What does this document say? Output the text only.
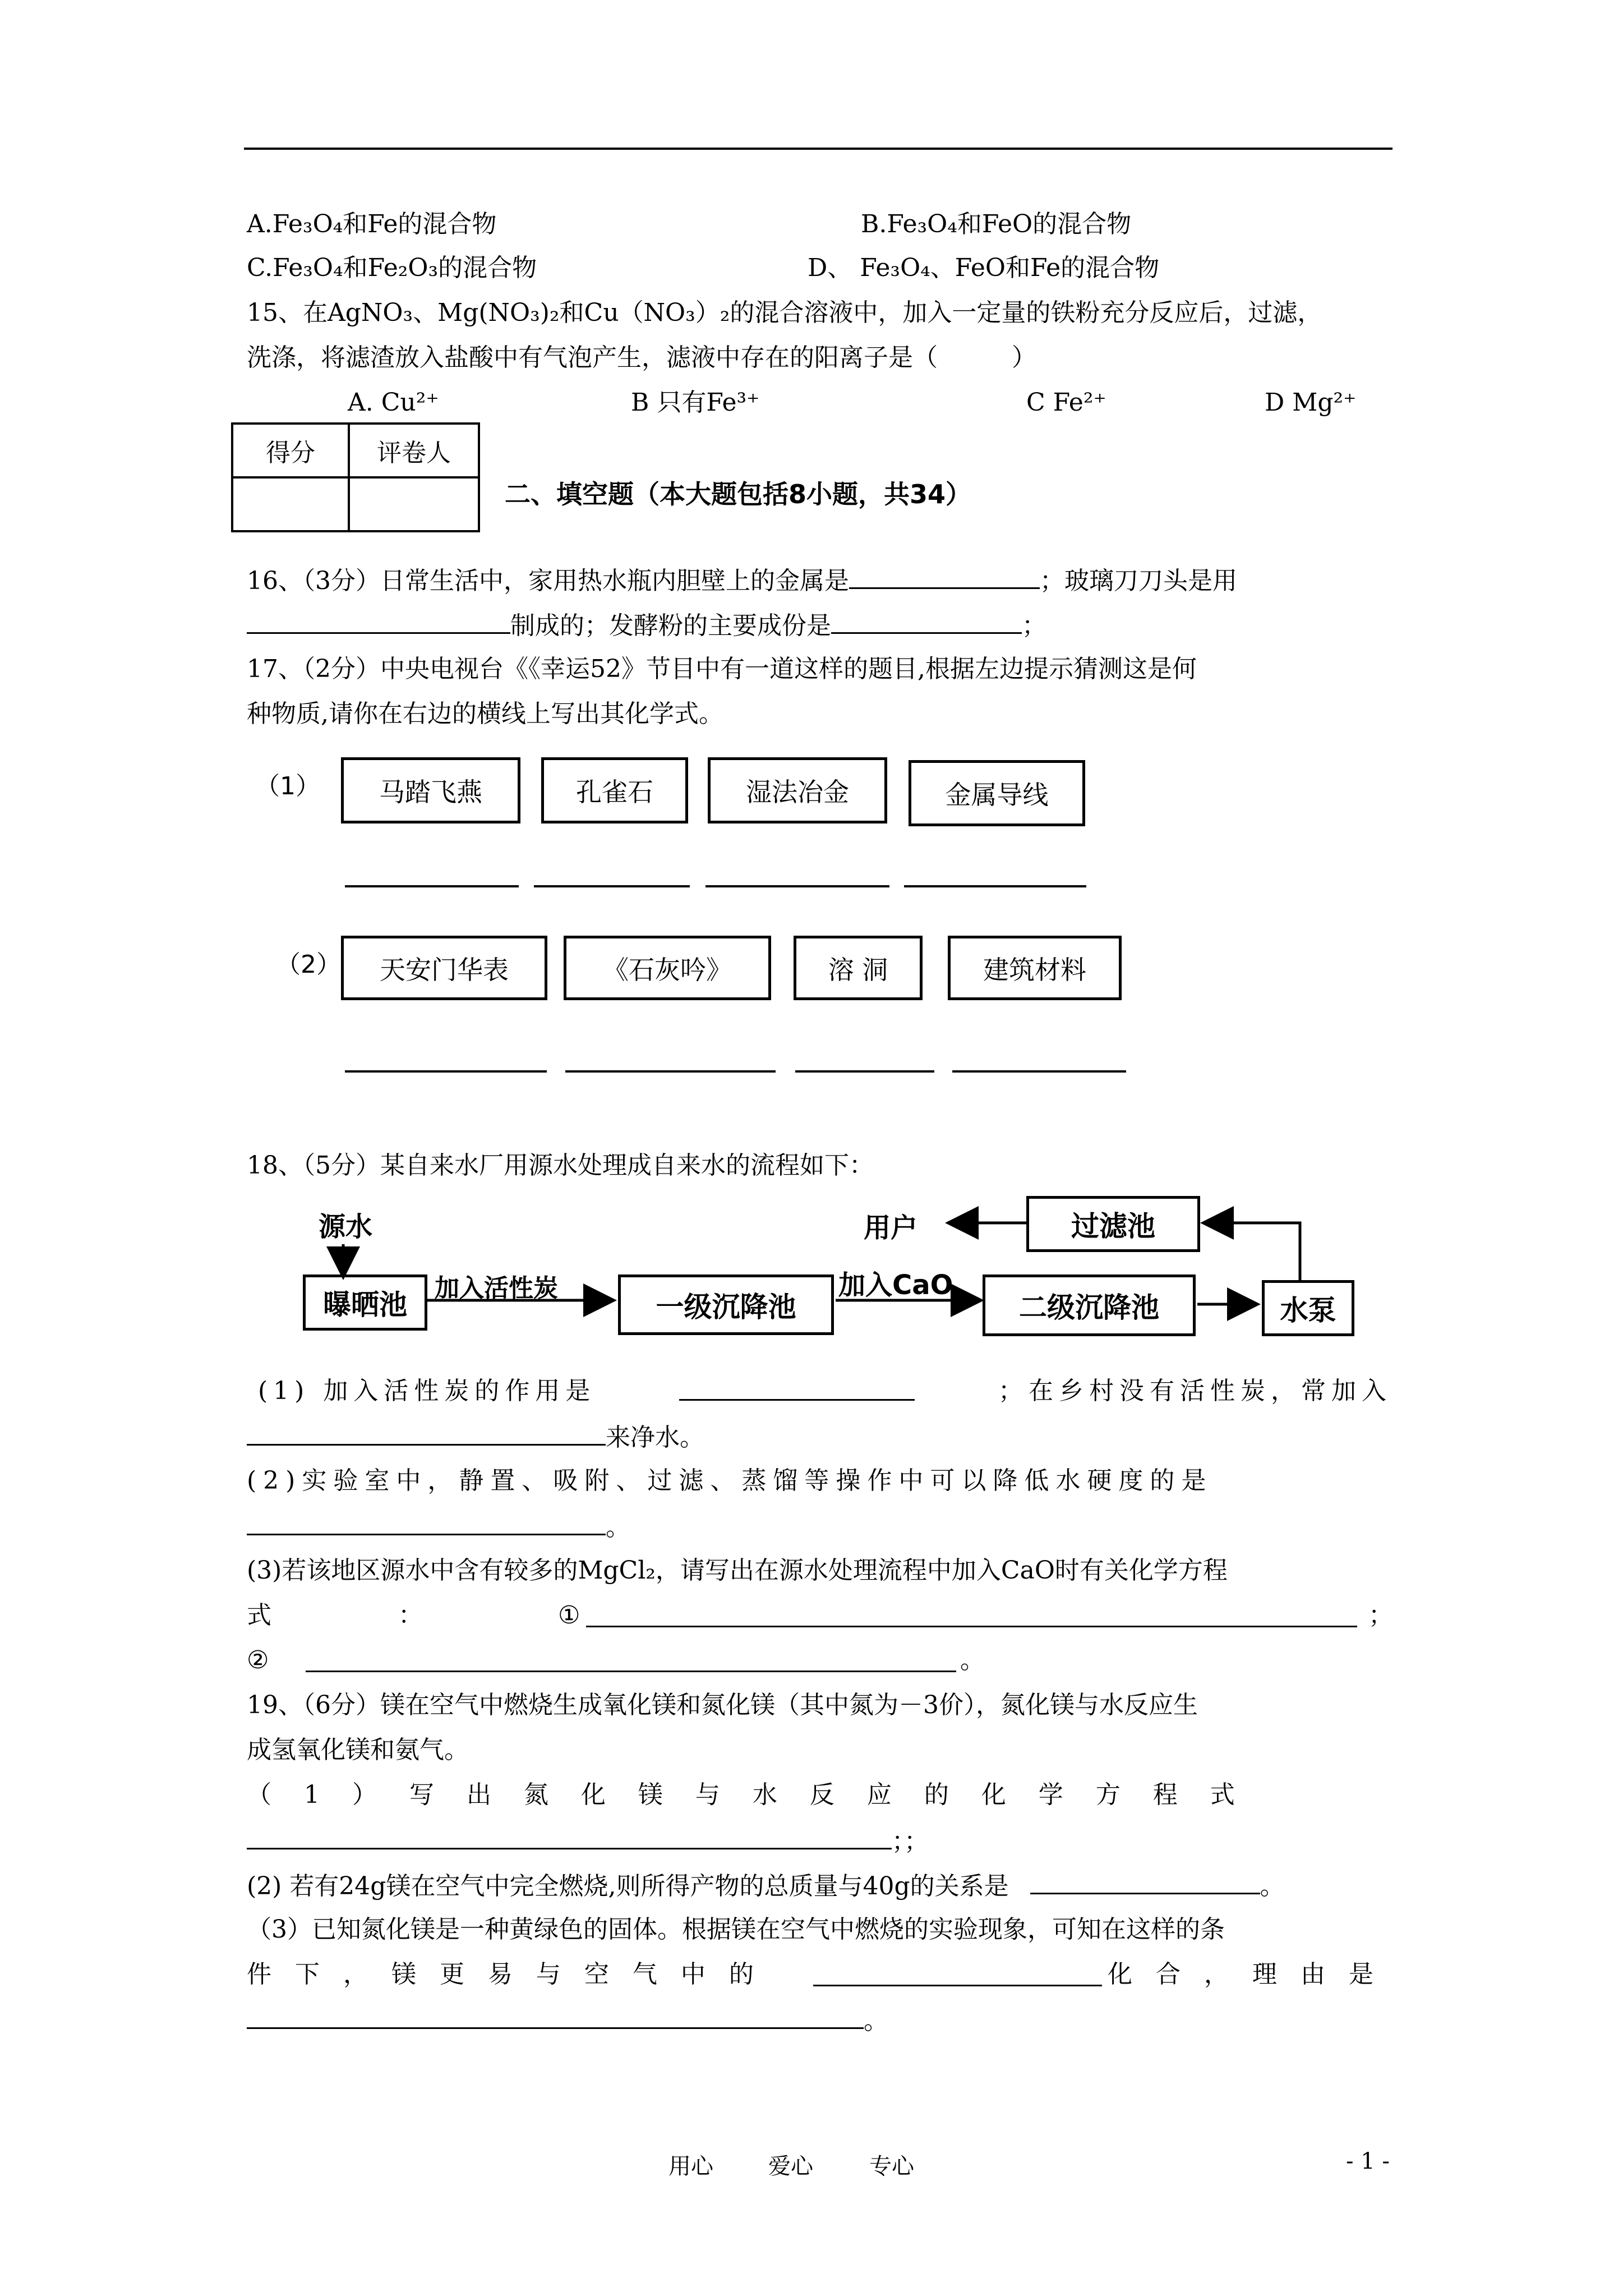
A.Fe₃O₄和Fe的混合物	B.Fe₃O₄和FeO的混合物
C.Fe₃O₄和Fe₂O₃的混合物	D、 Fe₃O₄、FeO和Fe的混合物
15、在AgNO₃、Mg(NO₃)₂和Cu（NO₃）₂的混合溶液中，加入一定量的铁粉充分反应后，过滤，
洗涤，将滤渣放入盐酸中有气泡产生，滤液中存在的阳离子是（　　　）
A. Cu²⁺	B 只有Fe³⁺	C Fe²⁺	D Mg²⁺
得分	评卷人

二、填空题（本大题包括8小题，共34）
16、（3分）日常生活中，家用热水瓶内胆壁上的金属是	；玻璃刀刀头是用
制成的；发酵粉的主要成份是	；
17、（2分）中央电视台《《幸运52》节目中有一道这样的题目,根据左边提示猜测这是何
种物质,请你在右边的横线上写出其化学式。
（1）	马踏飞燕	孔雀石	湿法冶金	金属导线
（2）	天安门华表	《石灰吟》	溶 洞	建筑材料
18、（5分）某自来水厂用源水处理成自来水的流程如下：
源水
曝晒池
加入活性炭
一级沉降池
加入CaO
二级沉降池	水泵
过滤池
用户
(1) 加入活性炭的作用是	；在乡村没有活性炭，常加入
来净水。
(2)实验室中，静置、吸附、过滤、蒸馏等操作中可以降低水硬度的是
。
(3)若该地区源水中含有较多的MgCl₂，请写出在源水处理流程中加入CaO时有关化学方程
式	：	①	；
②	。
19、（6分）镁在空气中燃烧生成氧化镁和氮化镁（其中氮为－3价），氮化镁与水反应生
成氢氧化镁和氨气。
（ 1 ） 写 出 氮 化 镁 与 水 反 应 的 化 学 方 程 式
；；
(2) 若有24g镁在空气中完全燃烧,则所得产物的总质量与40g的关系是	。
（3）已知氮化镁是一种黄绿色的固体。根据镁在空气中燃烧的实验现象，可知在这样的条
件 下 ， 镁 更 易 与 空 气 中 的	化 合 ， 理 由 是
。
用心 爱心	专心	- 1 -
